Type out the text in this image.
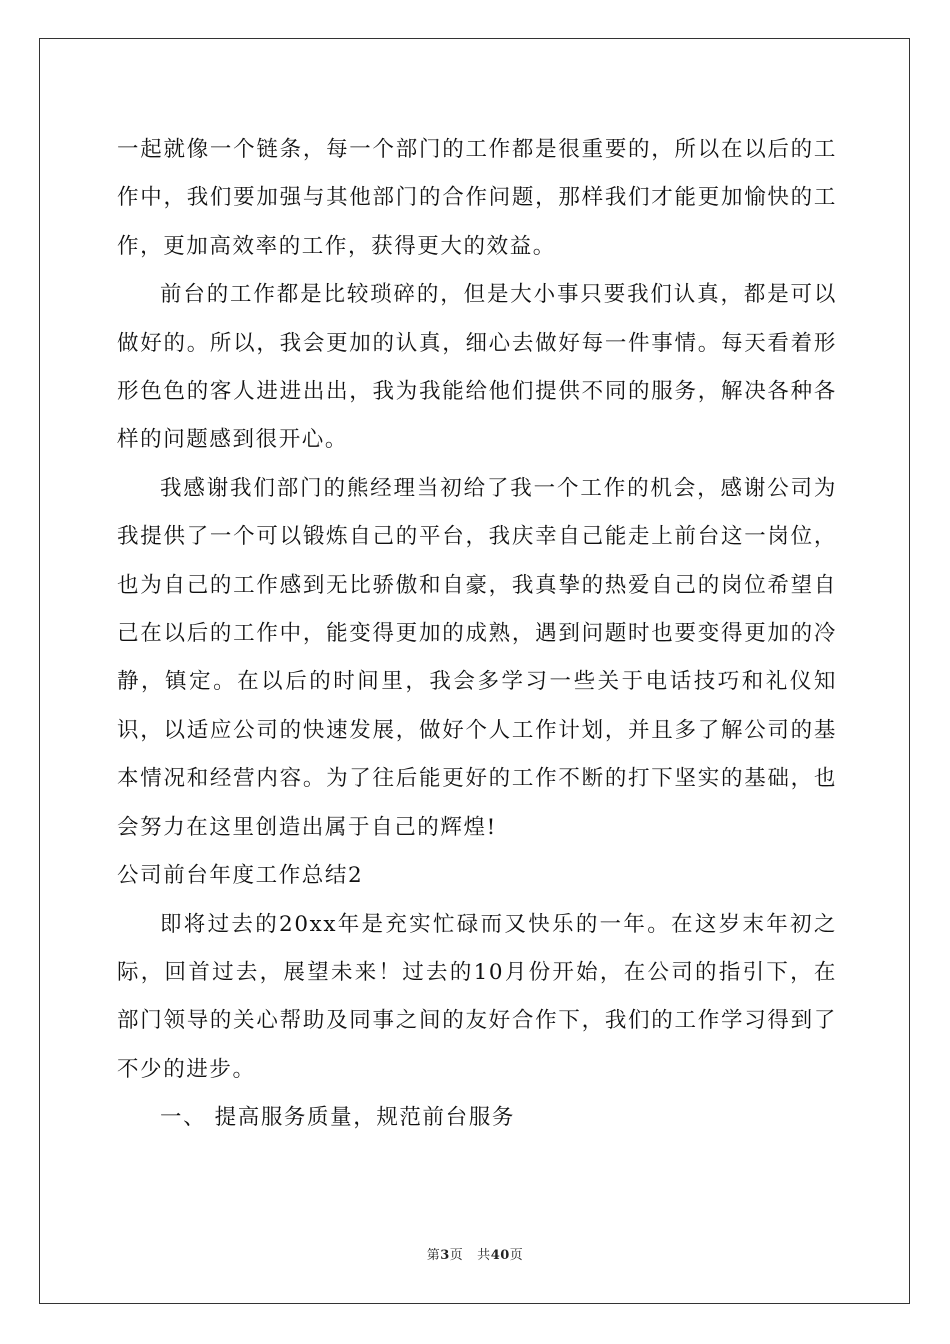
一起就像一个链条，每一个部门的工作都是很重要的，所以在以后的工作中，我们要加强与其他部门的合作问题，那样我们才能更加愉快的工作，更加高效率的工作，获得更大的效益。

前台的工作都是比较琐碎的，但是大小事只要我们认真，都是可以做好的。所以，我会更加的认真，细心去做好每一件事情。每天看着形形色色的客人进进出出，我为我能给他们提供不同的服务，解决各种各样的问题感到很开心。

我感谢我们部门的熊经理当初给了我一个工作的机会，感谢公司为我提供了一个可以锻炼自己的平台，我庆幸自己能走上前台这一岗位，也为自己的工作感到无比骄傲和自豪，我真挚的热爱自己的岗位希望自己在以后的工作中，能变得更加的成熟，遇到问题时也要变得更加的冷静，镇定。在以后的时间里，我会多学习一些关于电话技巧和礼仪知识，以适应公司的快速发展，做好个人工作计划，并且多了解公司的基本情况和经营内容。为了往后能更好的工作不断的打下坚实的基础，也会努力在这里创造出属于自己的辉煌!

公司前台年度工作总结2

即将过去的20xx年是充实忙碌而又快乐的一年。在这岁末年初之际，回首过去，展望未来！过去的10月份开始，在公司的指引下，在部门领导的关心帮助及同事之间的友好合作下，我们的工作学习得到了不少的进步。

一、 提高服务质量，规范前台服务

第3页 共40页
